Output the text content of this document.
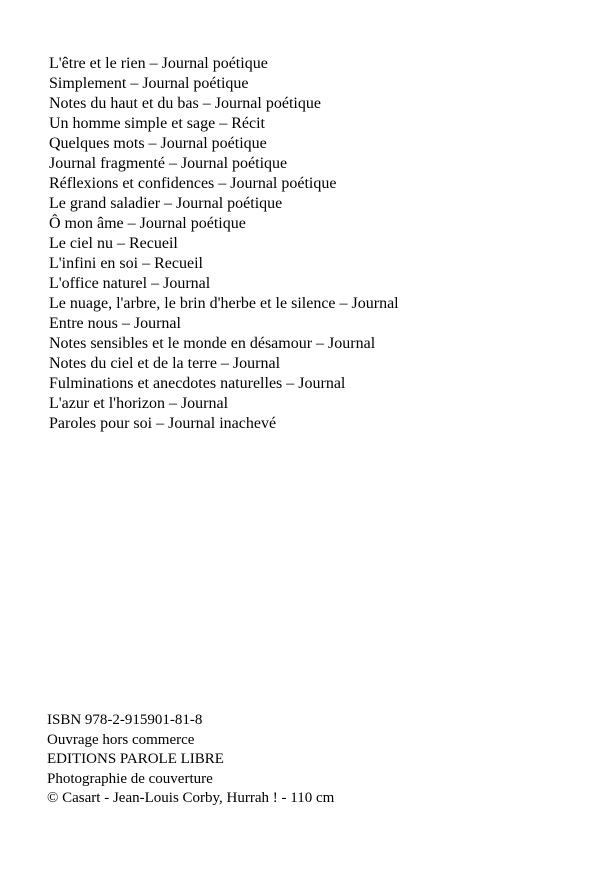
L'être et le rien – Journal poétique
Simplement – Journal poétique
Notes du haut et du bas – Journal poétique
Un homme simple et sage – Récit
Quelques mots – Journal poétique
Journal fragmenté – Journal poétique
Réflexions et confidences – Journal poétique
Le grand saladier – Journal poétique
Ô mon âme – Journal poétique
Le ciel nu – Recueil
L'infini en soi – Recueil
L'office naturel – Journal
Le nuage, l'arbre, le brin d'herbe et le silence – Journal
Entre nous – Journal
Notes sensibles et le monde en désamour – Journal
Notes du ciel et de la terre – Journal
Fulminations et anecdotes naturelles – Journal
L'azur et l'horizon – Journal
Paroles pour soi – Journal inachevé
ISBN 978-2-915901-81-8
Ouvrage hors commerce
EDITIONS PAROLE LIBRE
Photographie de couverture
© Casart - Jean-Louis Corby, Hurrah ! - 110 cm
